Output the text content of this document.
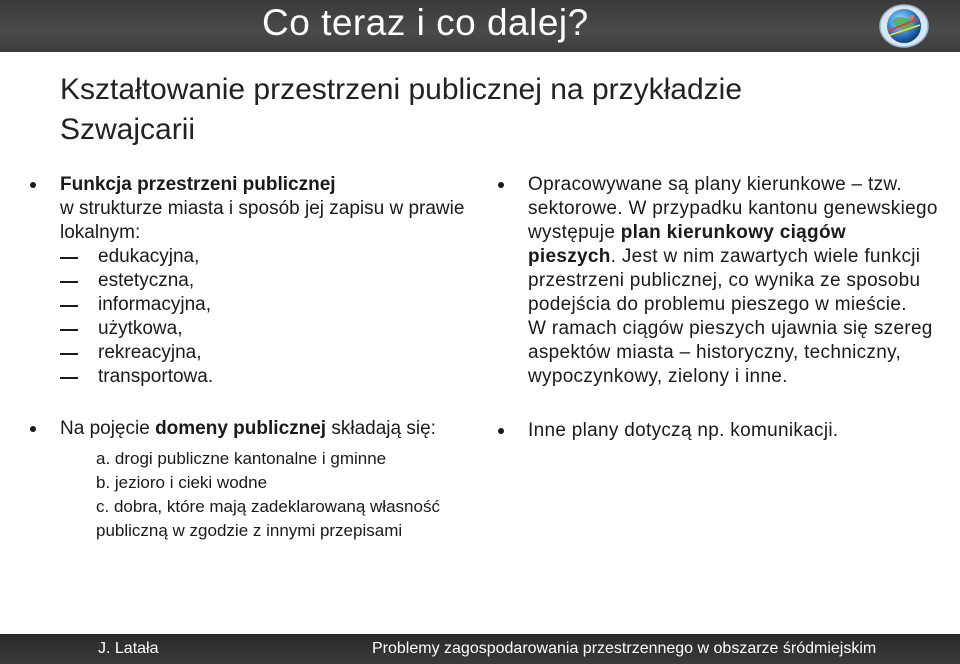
Co teraz i co dalej?
Kształtowanie przestrzeni publicznej na przykładzie Szwajcarii
Funkcja przestrzeni publicznej
w strukturze miasta i sposób jej zapisu w prawie lokalnym:
edukacyjna,
estetyczna,
informacyjna,
użytkowa,
rekreacyjna,
transportowa.
Na pojęcie domeny publicznej składają się:
a. drogi publiczne kantonalne i gminne
b. jezioro i cieki wodne
c. dobra, które mają zadeklarowaną własność publiczną w zgodzie z innymi przepisami
Opracowywane są plany kierunkowe – tzw. sektorowe. W przypadku kantonu genewskiego występuje plan kierunkowy ciągów pieszych. Jest w nim zawartych wiele funkcji przestrzeni publicznej, co wynika ze sposobu podejścia do problemu pieszego w mieście.
W ramach ciągów pieszych ujawnia się szereg aspektów miasta – historyczny, techniczny, wypoczynkowy, zielony i inne.
Inne plany dotyczą np. komunikacji.
J. Latała	Problemy zagospodarowania przestrzennego w obszarze śródmiejskim
